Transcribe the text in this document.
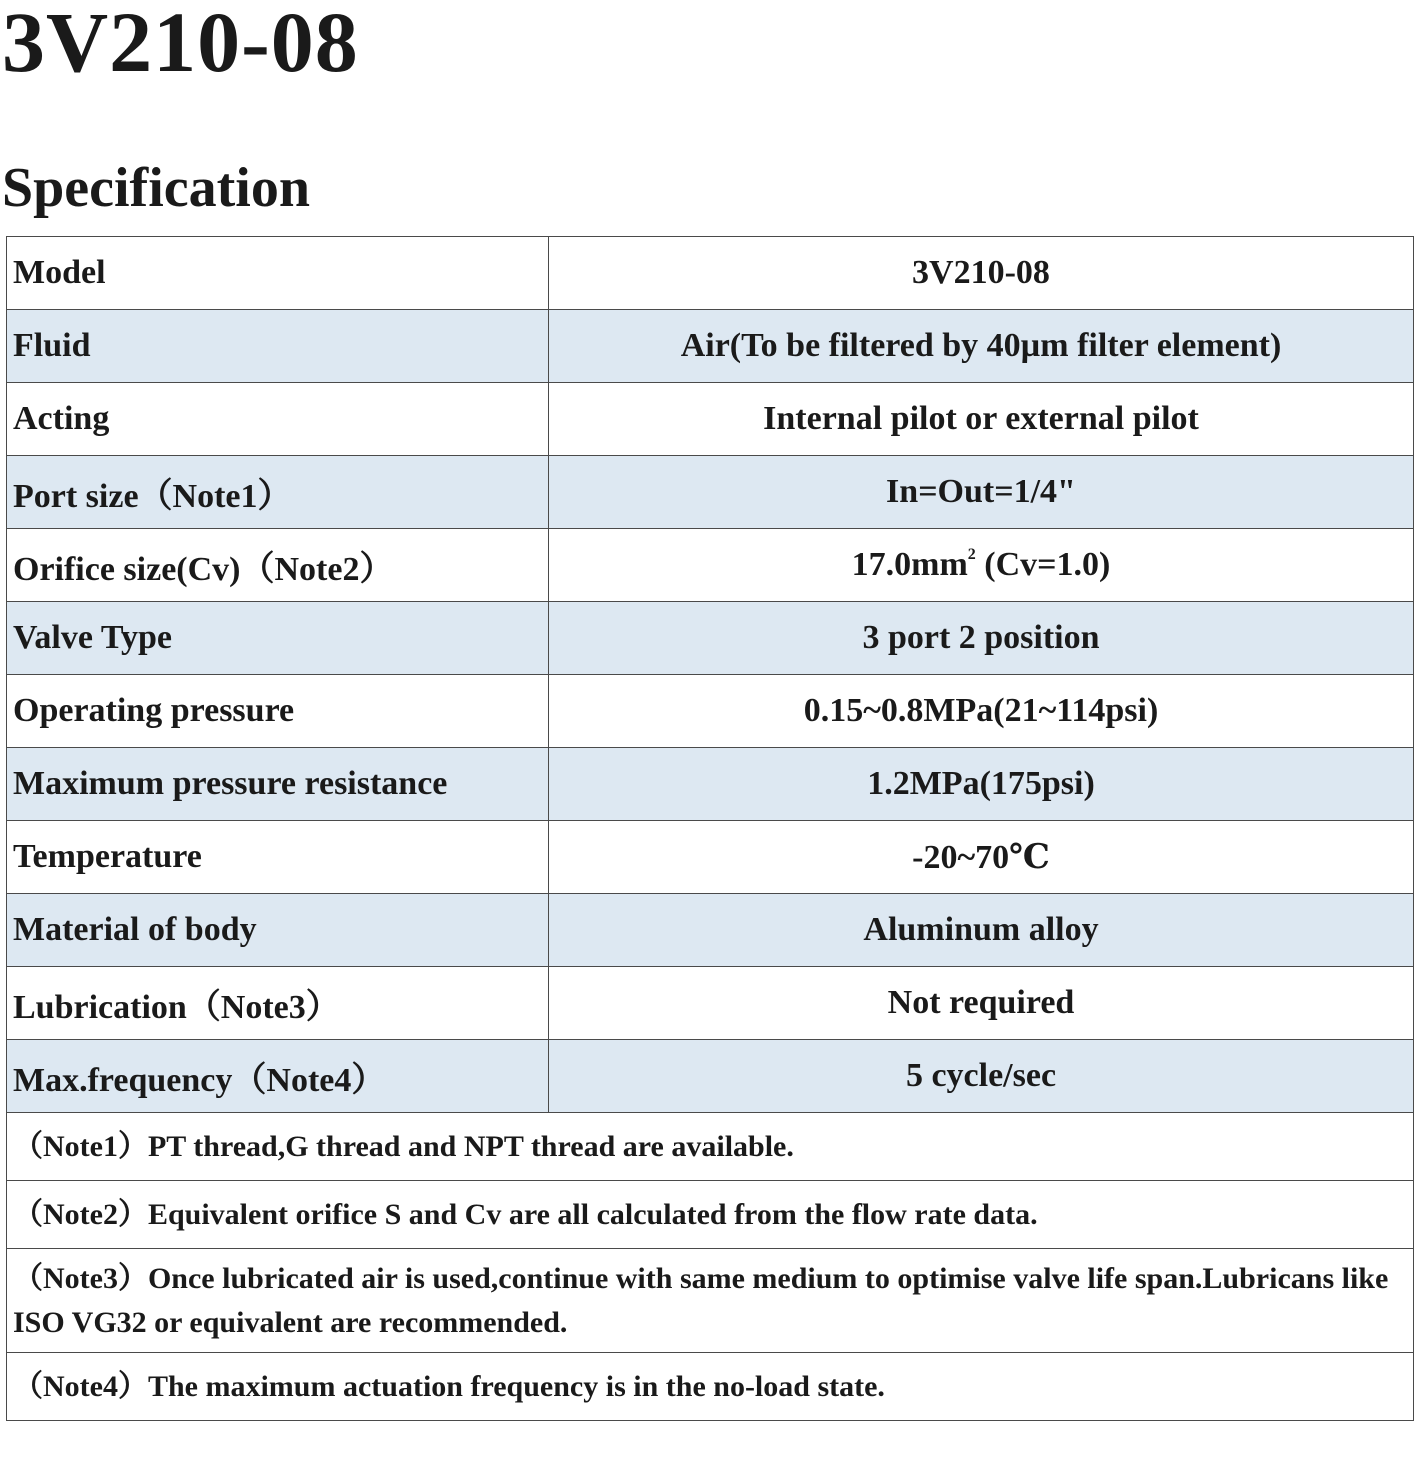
3V210-08
Specification
Model	3V210-08
Fluid	Air(To be filtered by 40µm filter element)
Acting	Internal pilot or external pilot
Port size（Note1）	In=Out=1/4"
Orifice size(Cv)（Note2）	$17.0mm^2$ (Cv=1.0)
Valve Type	3 port 2 position
Operating pressure	0.15~0.8MPa(21~114psi)
Maximum pressure resistance	1.2MPa(175psi)
Temperature	-20~70℃
Material of body	Aluminum alloy
Lubrication（Note3）	Not required
Max.frequency（Note4）	5 cycle/sec
（Note1）PT thread,G thread and NPT thread are available.	
（Note2）Equivalent orifice S and Cv are all calculated from the flow rate data.	
（Note3）Once lubricated air is used,continue with same medium to optimise valve life span.Lubricans like ISO VG32 or equivalent are recommended.	
（Note4）The maximum actuation frequency is in the no-load state.	
